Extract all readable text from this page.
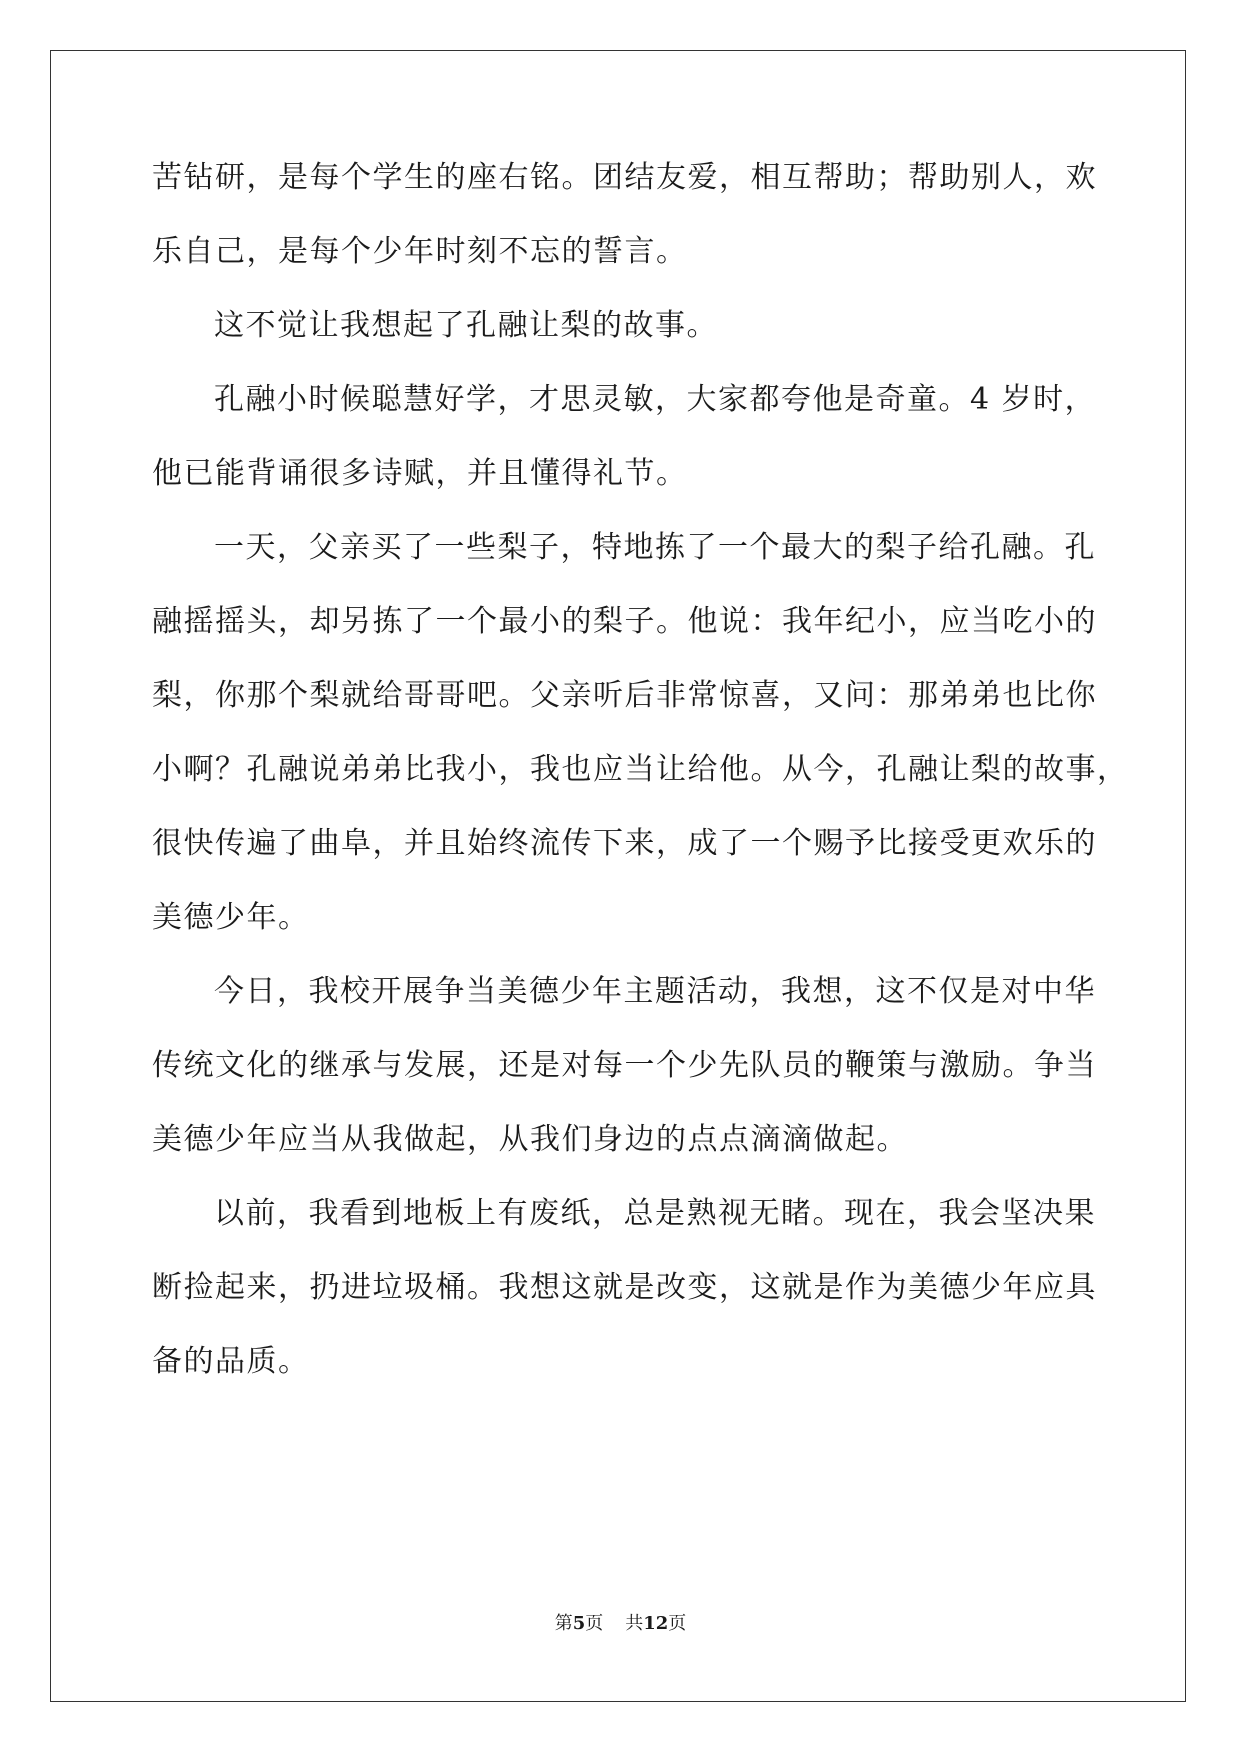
苦钻研，是每个学生的座右铭。团结友爱，相互帮助；帮助别人，欢
乐自己，是每个少年时刻不忘的誓言。
这不觉让我想起了孔融让梨的故事。
孔融小时候聪慧好学，才思灵敏，大家都夸他是奇童。4 岁时，
他已能背诵很多诗赋，并且懂得礼节。
一天，父亲买了一些梨子，特地拣了一个最大的梨子给孔融。孔
融摇摇头，却另拣了一个最小的梨子。他说：我年纪小，应当吃小的
梨，你那个梨就给哥哥吧。父亲听后非常惊喜，又问：那弟弟也比你
小啊？孔融说弟弟比我小，我也应当让给他。从今，孔融让梨的故事，
很快传遍了曲阜，并且始终流传下来，成了一个赐予比接受更欢乐的
美德少年。
今日，我校开展争当美德少年主题活动，我想，这不仅是对中华
传统文化的继承与发展，还是对每一个少先队员的鞭策与激励。争当
美德少年应当从我做起，从我们身边的点点滴滴做起。
以前，我看到地板上有废纸，总是熟视无睹。现在，我会坚决果
断捡起来，扔进垃圾桶。我想这就是改变，这就是作为美德少年应具
备的品质。
第5页 共12页
